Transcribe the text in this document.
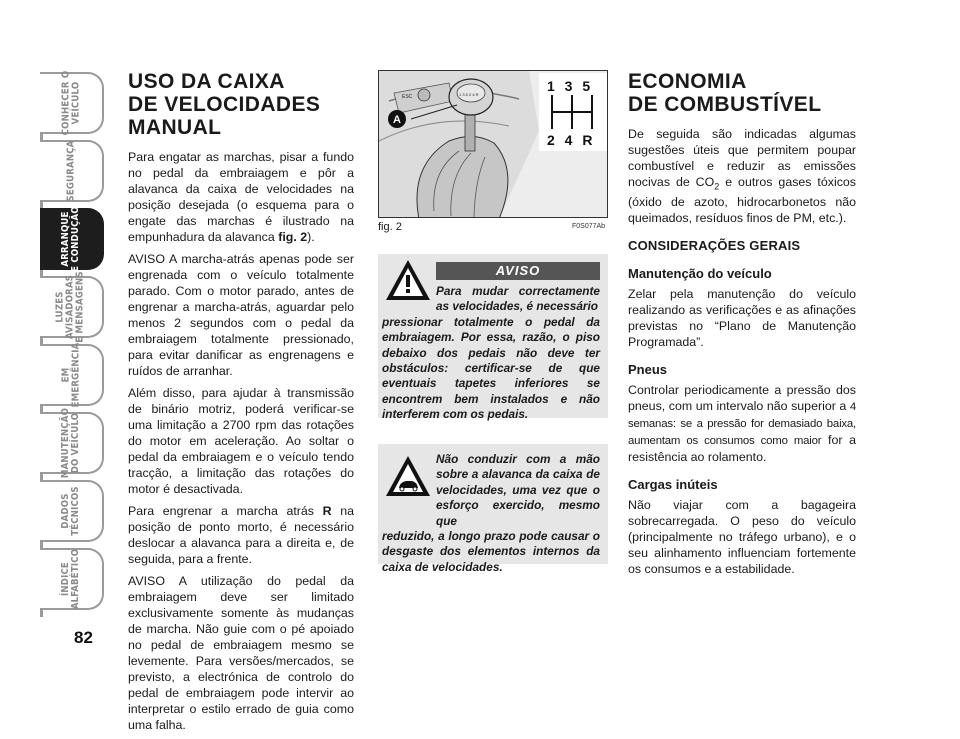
CONHECER O
VEÍCULO
SEGURANÇA
ARRANQUE
E CONDUÇÃO
LUZES
AVISADORAS
E MENSAGENS
EM
EMERGÊNCIA
MANUTENÇÃO
DO VEÍCULO
DADOS
TÉCNICOS
ÍNDICE
ALFABÉTICO
82
USO DA CAIXA
DE VELOCIDADES
MANUAL

Para engatar as marchas, pisar a fundo no pedal da embraiagem e pôr a alavanca da caixa de velocidades na posição desejada (o esquema para o engate das marchas é ilustrado na empunhadura da alavanca fig. 2).

AVISO A marcha-atrás apenas pode ser engrenada com o veículo totalmente parado. Com o motor parado, antes de engrenar a marcha-atrás, aguardar pelo menos 2 segundos com o pedal da embraiagem totalmente pressionado, para evitar danificar as engrenagens e ruídos de arranhar.

Além disso, para ajudar à transmissão de binário motriz, poderá verificar-se uma limitação a 2700 rpm das rotações do motor em aceleração. Ao soltar o pedal da embraiagem e o veículo tendo tracção, a limitação das rotações do motor é desactivada.

Para engrenar a marcha atrás R na posição de ponto morto, é necessário deslocar a alavanca para a direita e, de seguida, para a frente.

AVISO A utilização do pedal da embraiagem deve ser limitado exclusivamente somente às mudanças de marcha. Não guie com o pé apoiado no pedal de embraiagem mesmo se levemente. Para versões/mercados, se previsto, a electrónica de controlo do pedal de embraiagem pode intervir ao interpretar o estilo errado de guia como uma falha.

ESC	1 3 5 2 4 R
A
1 3 5
2 4 R
fig. 2	F0S077Ab
AVISO

Para mudar correctamente as velocidades, é necessário

pressionar totalmente o pedal da embraiagem. Por essa, razão, o piso debaixo dos pedais não deve ter obstáculos: certificar-se de que eventuais tapetes inferiores se encontrem bem instalados e não interferem com os pedais.

Não conduzir com a mão sobre a alavanca da caixa de velocidades, uma vez que o esforço exercido, mesmo que

reduzido, a longo prazo pode causar o desgaste dos elementos internos da caixa de velocidades.

ECONOMIA
DE COMBUSTÍVEL

De seguida são indicadas algumas sugestões úteis que permitem poupar combustível e reduzir as emissões nocivas de $CO_2$ e outros gases tóxicos (óxido de azoto, hidrocarbonetos não queimados, resíduos finos de PM, etc.).

CONSIDERAÇÕES GERAIS
Manutenção do veículo

Zelar pela manutenção do veículo realizando as verificações e as afinações previstas no “Plano de Manutenção Programada”.

Pneus

Controlar periodicamente a pressão dos pneus, com um intervalo não superior a 4 semanas: se a pressão for demasiado baixa, aumentam os consumos como maior for a resistência ao rolamento.

Cargas inúteis

Não viajar com a bagageira sobrecarregada. O peso do veículo (principalmente no tráfego urbano), e o seu alinhamento influenciam fortemente os consumos e a estabilidade.
